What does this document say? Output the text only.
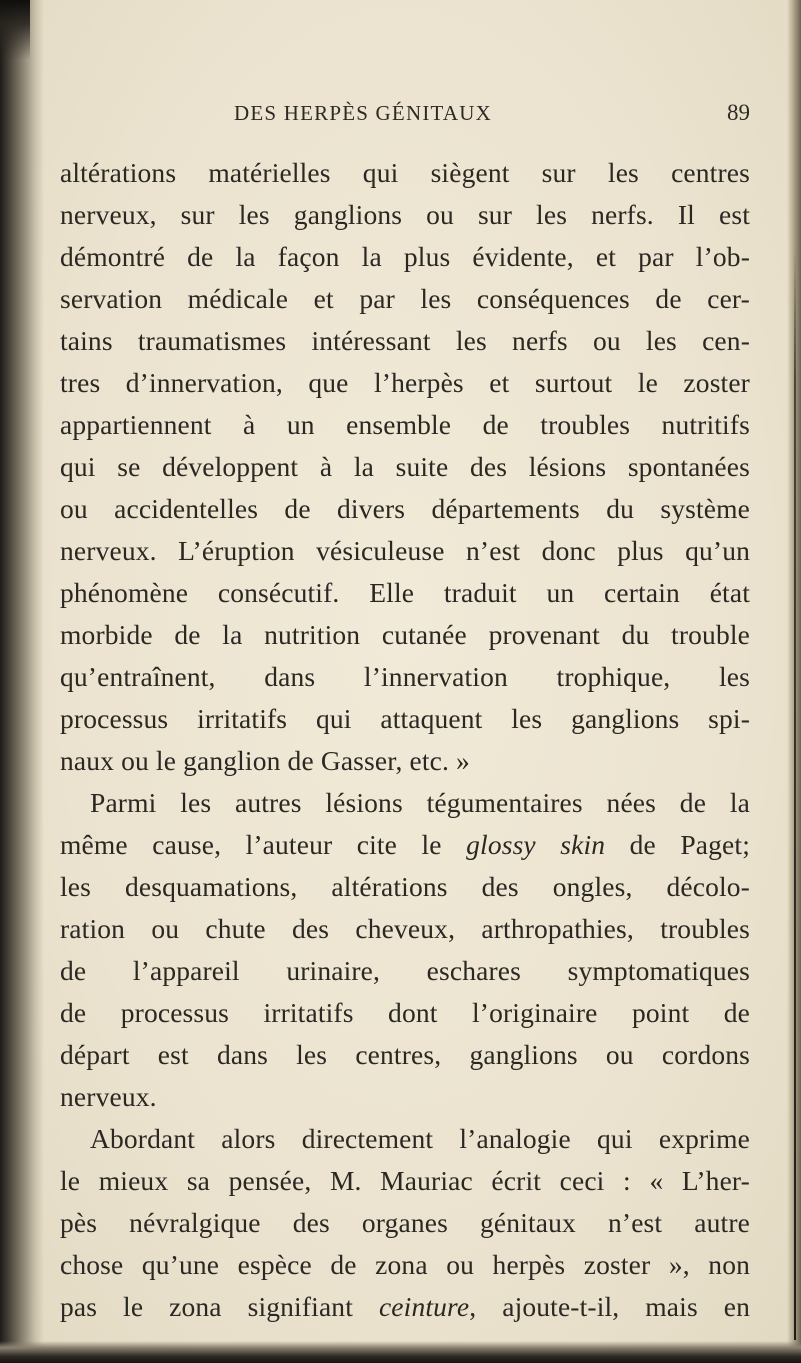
DES HERPÈS GÉNITAUX	89
altérations matérielles qui siègent sur les centres
nerveux, sur les ganglions ou sur les nerfs. Il est
démontré de la façon la plus évidente, et par l’ob-
servation médicale et par les conséquences de cer-
tains traumatismes intéressant les nerfs ou les cen-
tres d’innervation, que l’herpès et surtout le zoster
appartiennent à un ensemble de troubles nutritifs
qui se développent à la suite des lésions spontanées
ou accidentelles de divers départements du système
nerveux. L’éruption vésiculeuse n’est donc plus qu’un
phénomène consécutif. Elle traduit un certain état
morbide de la nutrition cutanée provenant du trouble
qu’entraînent, dans l’innervation trophique, les
processus irritatifs qui attaquent les ganglions spi-
naux ou le ganglion de Gasser, etc. »
Parmi les autres lésions tégumentaires nées de la
même cause, l’auteur cite le glossy skin de Paget;
les desquamations, altérations des ongles, décolo-
ration ou chute des cheveux, arthropathies, troubles
de l’appareil urinaire, eschares symptomatiques
de processus irritatifs dont l’originaire point de
départ est dans les centres, ganglions ou cordons
nerveux.
Abordant alors directement l’analogie qui exprime
le mieux sa pensée, M. Mauriac écrit ceci : « L’her-
pès névralgique des organes génitaux n’est autre
chose qu’une espèce de zona ou herpès zoster », non
pas le zona signifiant ceinture, ajoute-t-il, mais en
